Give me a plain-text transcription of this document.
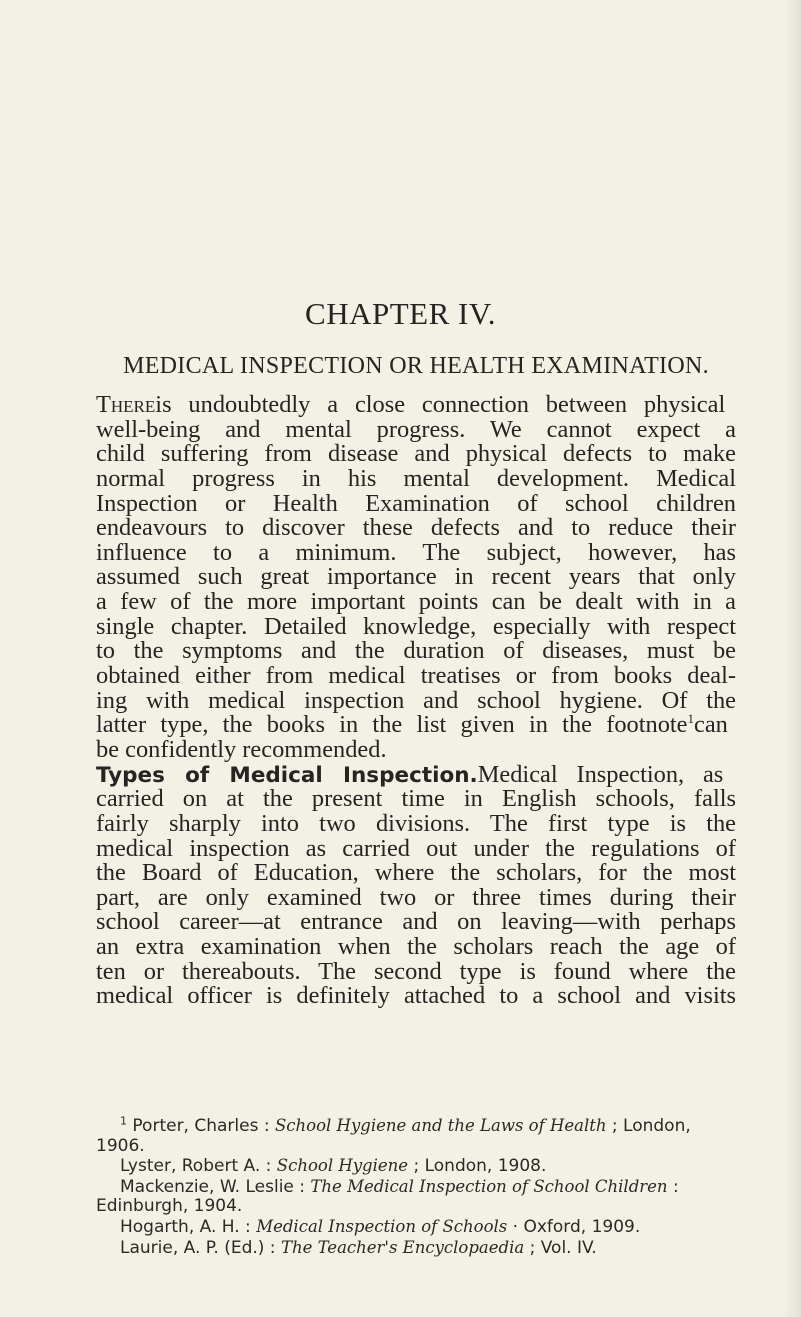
CHAPTER IV.
MEDICAL INSPECTION OR HEALTH EXAMINATION.
Thereis undoubtedly a close connection between physical
well-being and mental progress. We cannot expect a
child suffering from disease and physical defects to make
normal progress in his mental development. Medical
Inspection or Health Examination of school children
endeavours to discover these defects and to reduce their
influence to a minimum. The subject, however, has
assumed such great importance in recent years that only
a few of the more important points can be dealt with in a
single chapter. Detailed knowledge, especially with respect
to the symptoms and the duration of diseases, must be
obtained either from medical treatises or from books deal-
ing with medical inspection and school hygiene. Of the
latter type, the books in the list given in the footnote$^1$can
be confidently recommended.
Types of Medical Inspection.Medical Inspection, as
carried on at the present time in English schools, falls
fairly sharply into two divisions. The first type is the
medical inspection as carried out under the regulations of
the Board of Education, where the scholars, for the most
part, are only examined two or three times during their
school career—at entrance and on leaving—with perhaps
an extra examination when the scholars reach the age of
ten or thereabouts. The second type is found where the
medical officer is definitely attached to a school and visits
$^1$ Porter, Charles : School Hygiene and the Laws of Health ; London,
1906.
Lyster, Robert A. : School Hygiene ; London, 1908.
Mackenzie, W. Leslie : The Medical Inspection of School Children :
Edinburgh, 1904.
Hogarth, A. H. : Medical Inspection of Schools · Oxford, 1909.
Laurie, A. P. (Ed.) : The Teacher's Encyclopaedia ; Vol. IV.
